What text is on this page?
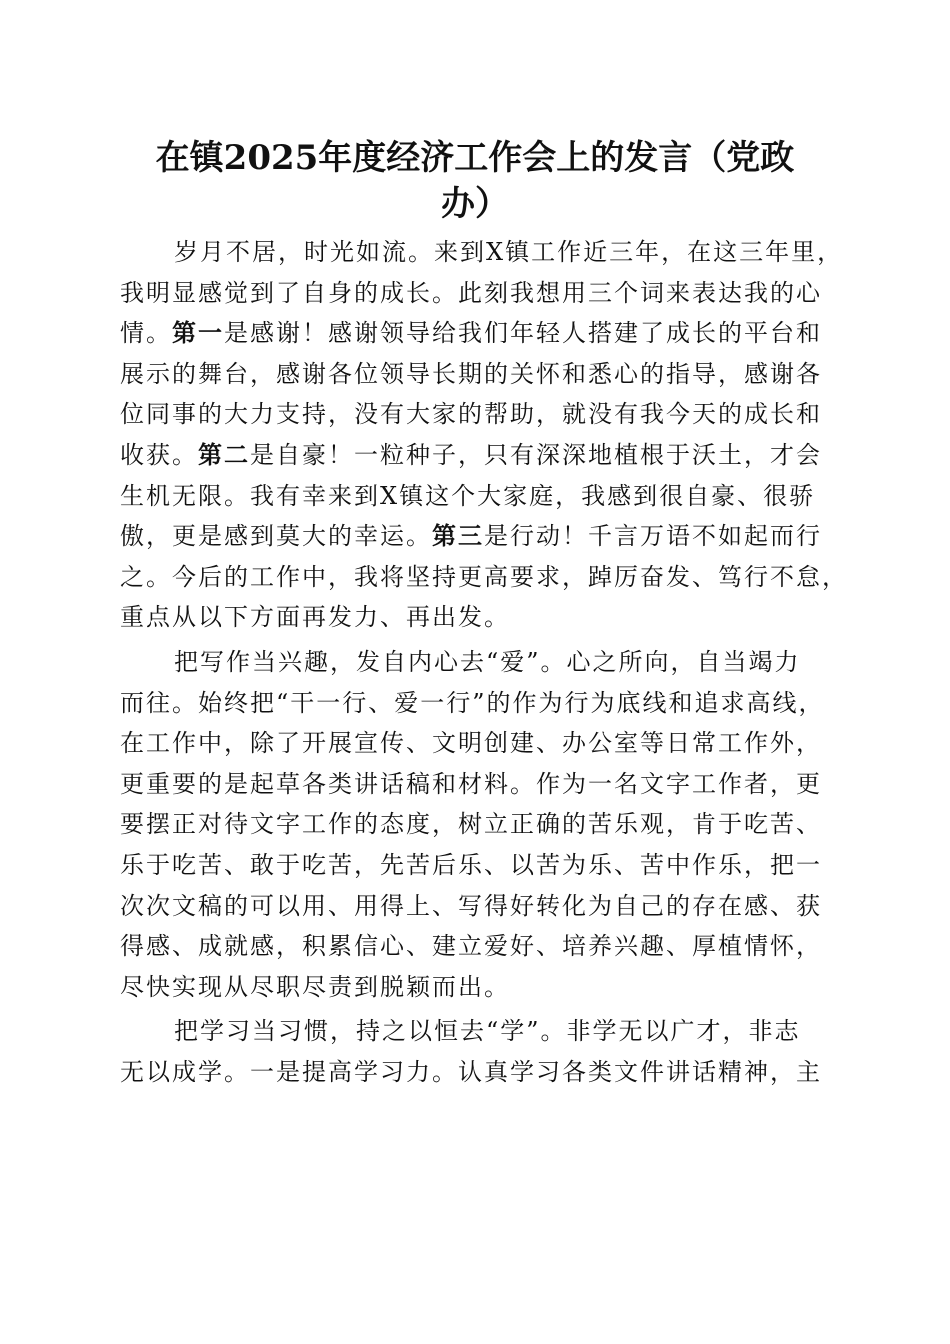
在镇2025年度经济工作会上的发言（党政
办）
岁月不居，时光如流。来到X镇工作近三年，在这三年里，
我明显感觉到了自身的成长。此刻我想用三个词来表达我的心
情。第一是感谢！感谢领导给我们年轻人搭建了成长的平台和
展示的舞台，感谢各位领导长期的关怀和悉心的指导，感谢各
位同事的大力支持，没有大家的帮助，就没有我今天的成长和
收获。第二是自豪！一粒种子，只有深深地植根于沃土，才会
生机无限。我有幸来到X镇这个大家庭，我感到很自豪、很骄
傲，更是感到莫大的幸运。第三是行动！千言万语不如起而行
之。今后的工作中，我将坚持更高要求，踔厉奋发、笃行不怠，
重点从以下方面再发力、再出发。
把写作当兴趣，发自内心去“爱”。心之所向，自当竭力
而往。始终把“干一行、爱一行”的作为行为底线和追求高线，
在工作中，除了开展宣传、文明创建、办公室等日常工作外，
更重要的是起草各类讲话稿和材料。作为一名文字工作者，更
要摆正对待文字工作的态度，树立正确的苦乐观，肯于吃苦、
乐于吃苦、敢于吃苦，先苦后乐、以苦为乐、苦中作乐，把一
次次文稿的可以用、用得上、写得好转化为自己的存在感、获
得感、成就感，积累信心、建立爱好、培养兴趣、厚植情怀，
尽快实现从尽职尽责到脱颖而出。
把学习当习惯，持之以恒去“学”。非学无以广才，非志
无以成学。一是提高学习力。认真学习各类文件讲话精神，主
